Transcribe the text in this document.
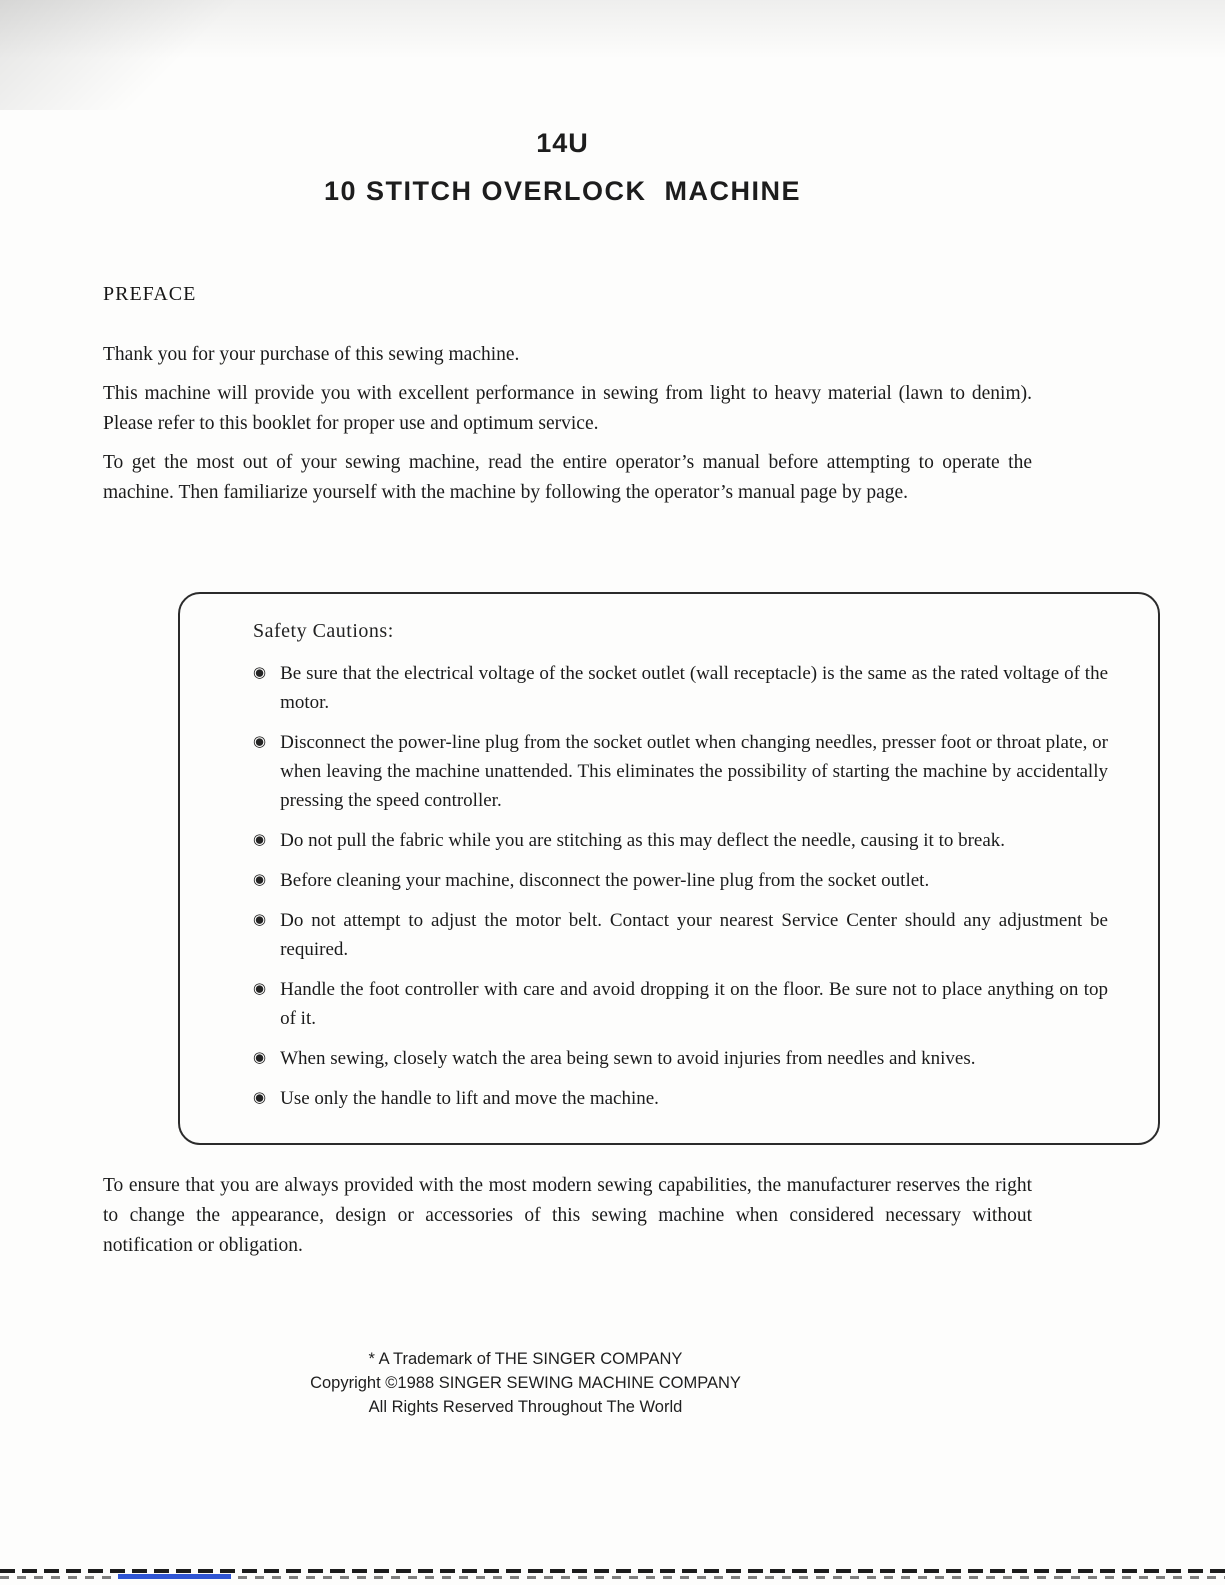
14U
10 STITCH OVERLOCK  MACHINE
PREFACE

Thank you for your purchase of this sewing machine.

This machine will provide you with excellent performance in sewing from light to heavy material (lawn to denim). Please refer to this booklet for proper use and optimum service.

To get the most out of your sewing machine, read the entire operator’s manual before attempting to operate the machine. Then familiarize yourself with the machine by following the operator’s manual page by page.

Safety Cautions:
◉ Be sure that the electrical voltage of the socket outlet (wall receptacle) is the same as the rated voltage of the motor.
◉ Disconnect the power-line plug from the socket outlet when changing needles, presser foot or throat plate, or when leaving the machine unattended. This eliminates the possibility of starting the machine by accidentally pressing the speed controller.
◉ Do not pull the fabric while you are stitching as this may deflect the needle, causing it to break.
◉ Before cleaning your machine, disconnect the power-line plug from the socket outlet.
◉ Do not attempt to adjust the motor belt. Contact your nearest Service Center should any adjustment be required.
◉ Handle the foot controller with care and avoid dropping it on the floor. Be sure not to place anything on top of it.
◉ When sewing, closely watch the area being sewn to avoid injuries from needles and knives.
◉ Use only the handle to lift and move the machine.

To ensure that you are always provided with the most modern sewing capabilities, the manufacturer reserves the right to change the appearance, design or accessories of this sewing machine when considered necessary without notification or obligation.

* A Trademark of THE SINGER COMPANY
Copyright ©1988 SINGER SEWING MACHINE COMPANY
All Rights Reserved Throughout The World
